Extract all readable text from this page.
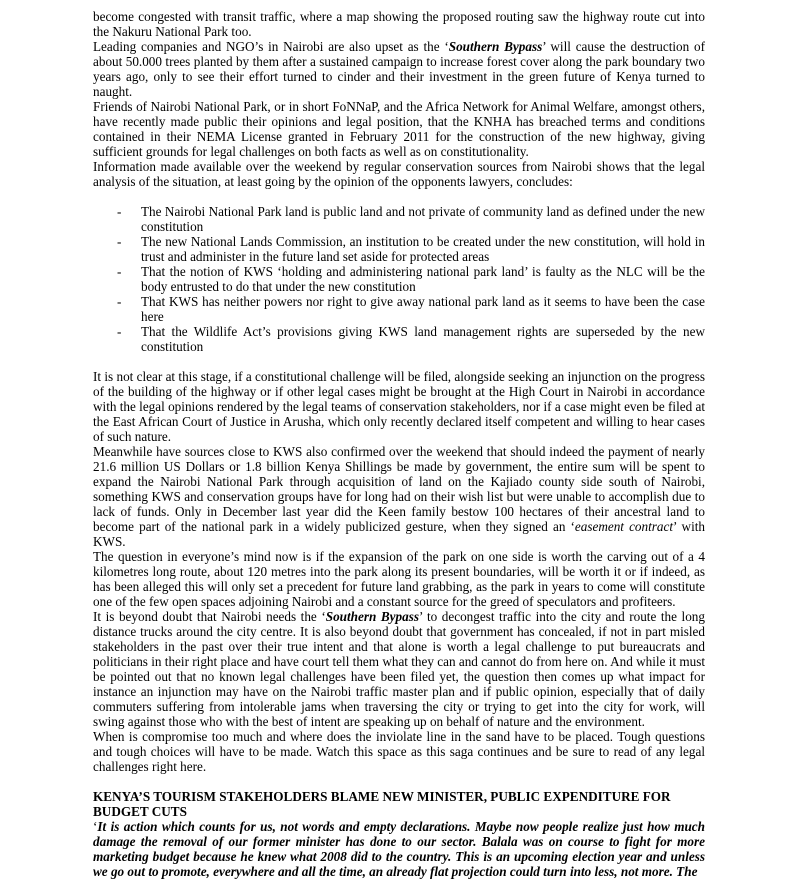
become congested with transit traffic, where a map showing the proposed routing saw the highway route cut into the Nakuru National Park too.

Leading companies and NGO’s in Nairobi are also upset as the ‘Southern Bypass’ will cause the destruction of about 50.000 trees planted by them after a sustained campaign to increase forest cover along the park boundary two years ago, only to see their effort turned to cinder and their investment in the green future of Kenya turned to naught.

Friends of Nairobi National Park, or in short FoNNaP, and the Africa Network for Animal Welfare, amongst others, have recently made public their opinions and legal position, that the KNHA has breached terms and conditions contained in their NEMA License granted in February 2011 for the construction of the new highway, giving sufficient grounds for legal challenges on both facts as well as on constitutionality.

Information made available over the weekend by regular conservation sources from Nairobi shows that the legal analysis of the situation, at least going by the opinion of the opponents lawyers, concludes:

- The Nairobi National Park land is public land and not private of community land as defined under the new constitution
- The new National Lands Commission, an institution to be created under the new constitution, will hold in trust and administer in the future land set aside for protected areas
- That the notion of KWS ‘holding and administering national park land’ is faulty as the NLC will be the body entrusted to do that under the new constitution
- That KWS has neither powers nor right to give away national park land as it seems to have been the case here
- That the Wildlife Act’s provisions giving KWS land management rights are superseded by the new constitution

It is not clear at this stage, if a constitutional challenge will be filed, alongside seeking an injunction on the progress of the building of the highway or if other legal cases might be brought at the High Court in Nairobi in accordance with the legal opinions rendered by the legal teams of conservation stakeholders, nor if a case might even be filed at the East African Court of Justice in Arusha, which only recently declared itself competent and willing to hear cases of such nature.

Meanwhile have sources close to KWS also confirmed over the weekend that should indeed the payment of nearly 21.6 million US Dollars or 1.8 billion Kenya Shillings be made by government, the entire sum will be spent to expand the Nairobi National Park through acquisition of land on the Kajiado county side south of Nairobi, something KWS and conservation groups have for long had on their wish list but were unable to accomplish due to lack of funds. Only in December last year did the Keen family bestow 100 hectares of their ancestral land to become part of the national park in a widely publicized gesture, when they signed an ‘easement contract’ with KWS.

The question in everyone’s mind now is if the expansion of the park on one side is worth the carving out of a 4 kilometres long route, about 120 metres into the park along its present boundaries, will be worth it or if indeed, as has been alleged this will only set a precedent for future land grabbing, as the park in years to come will constitute one of the few open spaces adjoining Nairobi and a constant source for the greed of speculators and profiteers.

It is beyond doubt that Nairobi needs the ‘Southern Bypass’ to decongest traffic into the city and route the long distance trucks around the city centre. It is also beyond doubt that government has concealed, if not in part misled stakeholders in the past over their true intent and that alone is worth a legal challenge to put bureaucrats and politicians in their right place and have court tell them what they can and cannot do from here on. And while it must be pointed out that no known legal challenges have been filed yet, the question then comes up what impact for instance an injunction may have on the Nairobi traffic master plan and if public opinion, especially that of daily commuters suffering from intolerable jams when traversing the city or trying to get into the city for work, will swing against those who with the best of intent are speaking up on behalf of nature and the environment.

When is compromise too much and where does the inviolate line in the sand have to be placed. Tough questions and tough choices will have to be made. Watch this space as this saga continues and be sure to read of any legal challenges right here.

KENYA’S TOURISM STAKEHOLDERS BLAME NEW MINISTER, PUBLIC EXPENDITURE FOR BUDGET CUTS

‘It is action which counts for us, not words and empty declarations. Maybe now people realize just how much damage the removal of our former minister has done to our sector. Balala was on course to fight for more marketing budget because he knew what 2008 did to the country. This is an upcoming election year and unless we go out to promote, everywhere and all the time, an already flat projection could turn into less, not more. The
